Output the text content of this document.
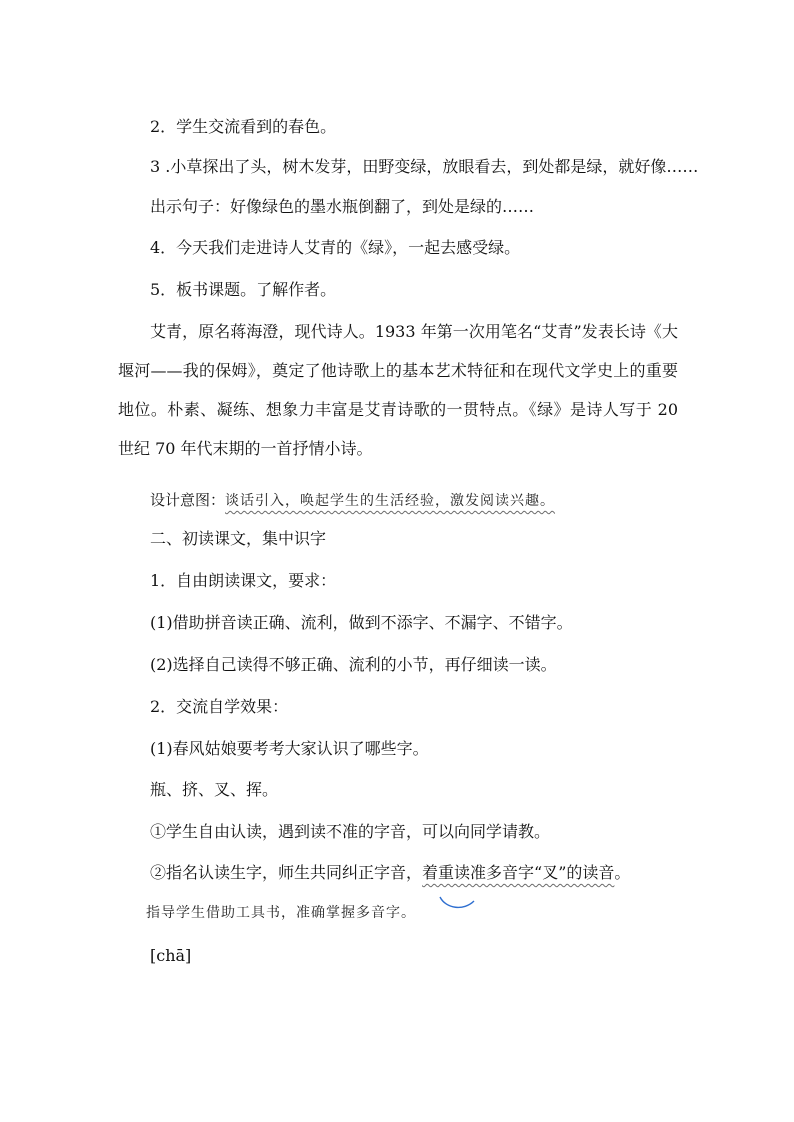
2．学生交流看到的春色。
3 .小草探出了头，树木发芽，田野变绿，放眼看去，到处都是绿，就好像……
出示句子：好像绿色的墨水瓶倒翻了，到处是绿的……
4．今天我们走进诗人艾青的《绿》，一起去感受绿。
5．板书课题。了解作者。

艾青，原名蒋海澄，现代诗人。1933 年第一次用笔名“艾青”发表长诗《大堰河——我的保姆》，奠定了他诗歌上的基本艺术特征和在现代文学史上的重要地位。朴素、凝练、想象力丰富是艾青诗歌的一贯特点。《绿》是诗人写于 20 世纪 70 年代末期的一首抒情小诗。

设计意图：谈话引入，唤起学生的生活经验，激发阅读兴趣。
二、初读课文，集中识字
1．自由朗读课文，要求：
(1)借助拼音读正确、流利，做到不添字、不漏字、不错字。
(2)选择自己读得不够正确、流利的小节，再仔细读一读。
2．交流自学效果：
(1)春风姑娘要考考大家认识了哪些字。
瓶、挤、叉、挥。
①学生自由认读，遇到读不准的字音，可以向同学请教。
②指名认读生字，师生共同纠正字音，着重读准多音字“叉”的读音。
指导学生借助工具书，准确掌握多音字。
[chā]
